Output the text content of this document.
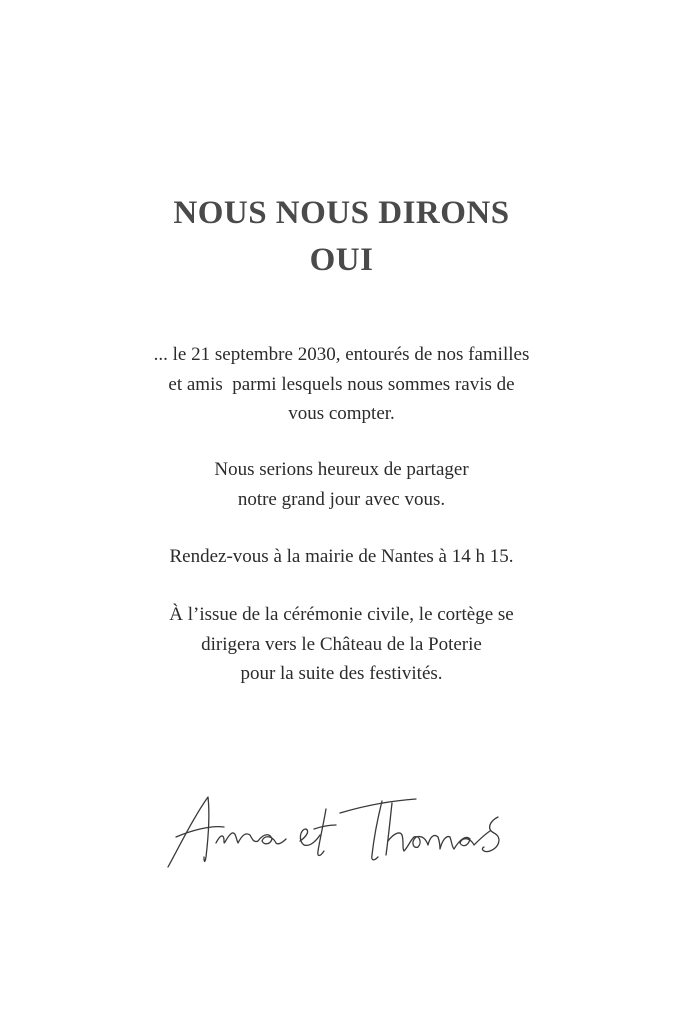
NOUS NOUS DIRONS
OUI

... le 21 septembre 2030, entourés de nos familles
et amis  parmi lesquels nous sommes ravis de
vous compter.

Nous serions heureux de partager
notre grand jour avec vous.

Rendez-vous à la mairie de Nantes à 14 h 15.

À l’issue de la cérémonie civile, le cortège se
dirigera vers le Château de la Poterie
pour la suite des festivités.
